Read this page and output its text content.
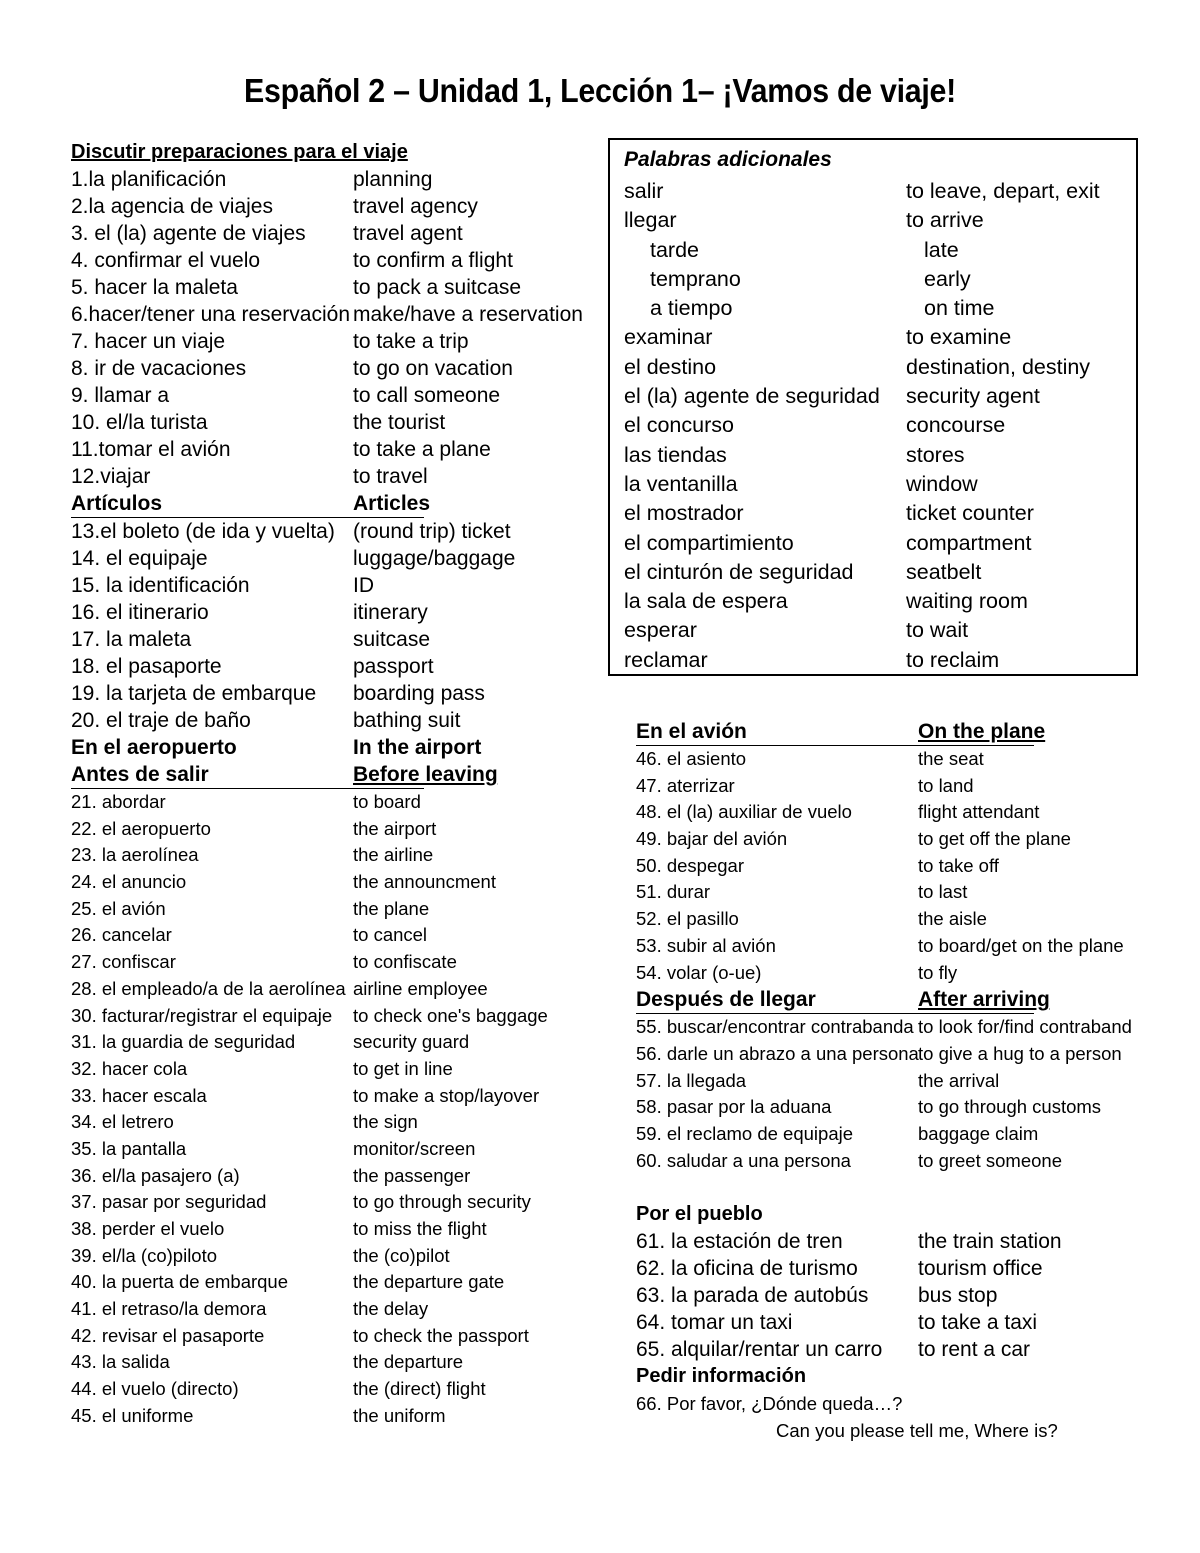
Español 2 – Unidad 1, Lección 1– ¡Vamos de viaje!
Discutir preparaciones para el viaje
1.la planificación	planning
2.la agencia de viajes	travel agency
3. el (la) agente de viajes travel agent
4. confirmar el vuelo	to confirm a flight
5. hacer la maleta	to pack a suitcase
6.hacer/tener una reservación make/have a reservation
7. hacer un viaje	to take a trip
8. ir de vacaciones	to go on vacation
9. llamar a	to call someone
10. el/la turista	the tourist
11.tomar el avión	to take a plane
12.viajar	to travel
Artículos	Articles
13.el boleto (de ida y vuelta) (round trip) ticket
14. el equipaje	luggage/baggage
15. la identificación	ID
16. el itinerario	itinerary
17. la maleta	suitcase
18. el pasaporte	passport
19. la tarjeta de embarque boarding pass
20. el traje de baño	bathing suit
En el aeropuerto	In the airport
Antes de salir	Before leaving
21. abordar	to board
22. el aeropuerto	the airport
23. la aerolínea	the airline
24. el anuncio	the announcment
25. el avión	the plane
26. cancelar	to cancel
27. confiscar	to confiscate
28. el empleado/a de la aerolínea airline employee
30. facturar/registrar el equipaje to check one's baggage
31. la guardia de seguridad	security guard
32. hacer cola	to get in line
33. hacer escala	to make a stop/layover
34. el letrero	the sign
35. la pantalla	monitor/screen
36. el/la pasajero (a)	the passenger
37. pasar por seguridad	to go through security
38. perder el vuelo	to miss the flight
39. el/la (co)piloto	the (co)pilot
40. la puerta de embarque	the departure gate
41. el retraso/la demora	the delay
42. revisar el pasaporte	to check the passport
43. la salida	the departure
44. el vuelo (directo)	the (direct) flight
45. el uniforme	the uniform
Palabras adicionales
salir	to leave, depart, exit
llegar	to arrive
tarde	late
temprano	early
a tiempo	on time
examinar	to examine
el destino	destination, destiny
el (la) agente de seguridad security agent
el concurso	concourse
las tiendas	stores
la ventanilla	window
el mostrador	ticket counter
el compartimiento	compartment
el cinturón de seguridad seatbelt
la sala de espera	waiting room
esperar	to wait
reclamar	to reclaim
En el avión	On the plane
46. el asiento	the seat
47. aterrizar	to land
48. el (la) auxiliar de vuelo	flight attendant
49. bajar del avión	to get off the plane
50. despegar	to take off
51. durar	to last
52. el pasillo	the aisle
53. subir al avión	to board/get on the plane
54. volar (o-ue)	to fly
Después de llegar	After arriving
55. buscar/encontrar contrabanda to look for/find contraband
56. darle un abrazo a una persona to give a hug to a person
57. la llegada	the arrival
58. pasar por la aduana	to go through customs
59. el reclamo de equipaje	baggage claim
60. saludar a una persona	to greet someone
Por el pueblo
61. la estación de tren	the train station
62. la oficina de turismo	tourism office
63. la parada de autobús bus stop
64. tomar un taxi	to take a taxi
65. alquilar/rentar un carro to rent a car
Pedir información
66. Por favor, ¿Dónde queda…?
Can you please tell me, Where is?
